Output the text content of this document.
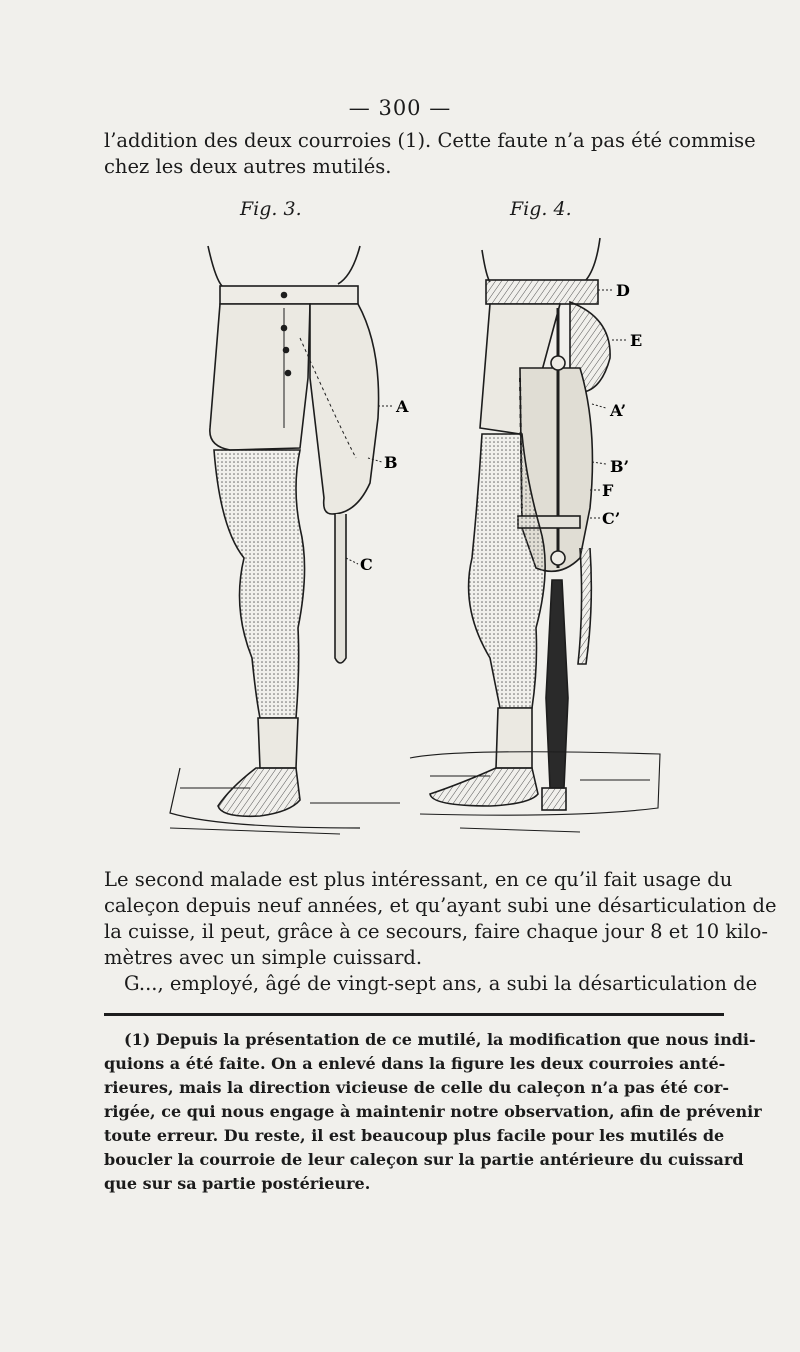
— 300 —
l’addition des deux courroies (1). Cette faute n’a pas été commise
chez les deux autres mutilés.
Fig. 3.	Fig. 4.
A
B
C
D
E
A’
B’
F
C’
Le second malade est plus intéressant, en ce qu’il fait usage du
caleçon depuis neuf années, et qu’ayant subi une désarticulation de
la cuisse, il peut, grâce à ce secours, faire chaque jour 8 et 10 kilo-
mètres avec un simple cuissard.
G..., employé, âgé de vingt-sept ans, a subi la désarticulation de
(1) Depuis la présentation de ce mutilé, la modification que nous indi-
quions a été faite. On a enlevé dans la figure les deux courroies anté-
rieures, mais la direction vicieuse de celle du caleçon n’a pas été cor-
rigée, ce qui nous engage à maintenir notre observation, afin de prévenir
toute erreur. Du reste, il est beaucoup plus facile pour les mutilés de
boucler la courroie de leur caleçon sur la partie antérieure du cuissard
que sur sa partie postérieure.
